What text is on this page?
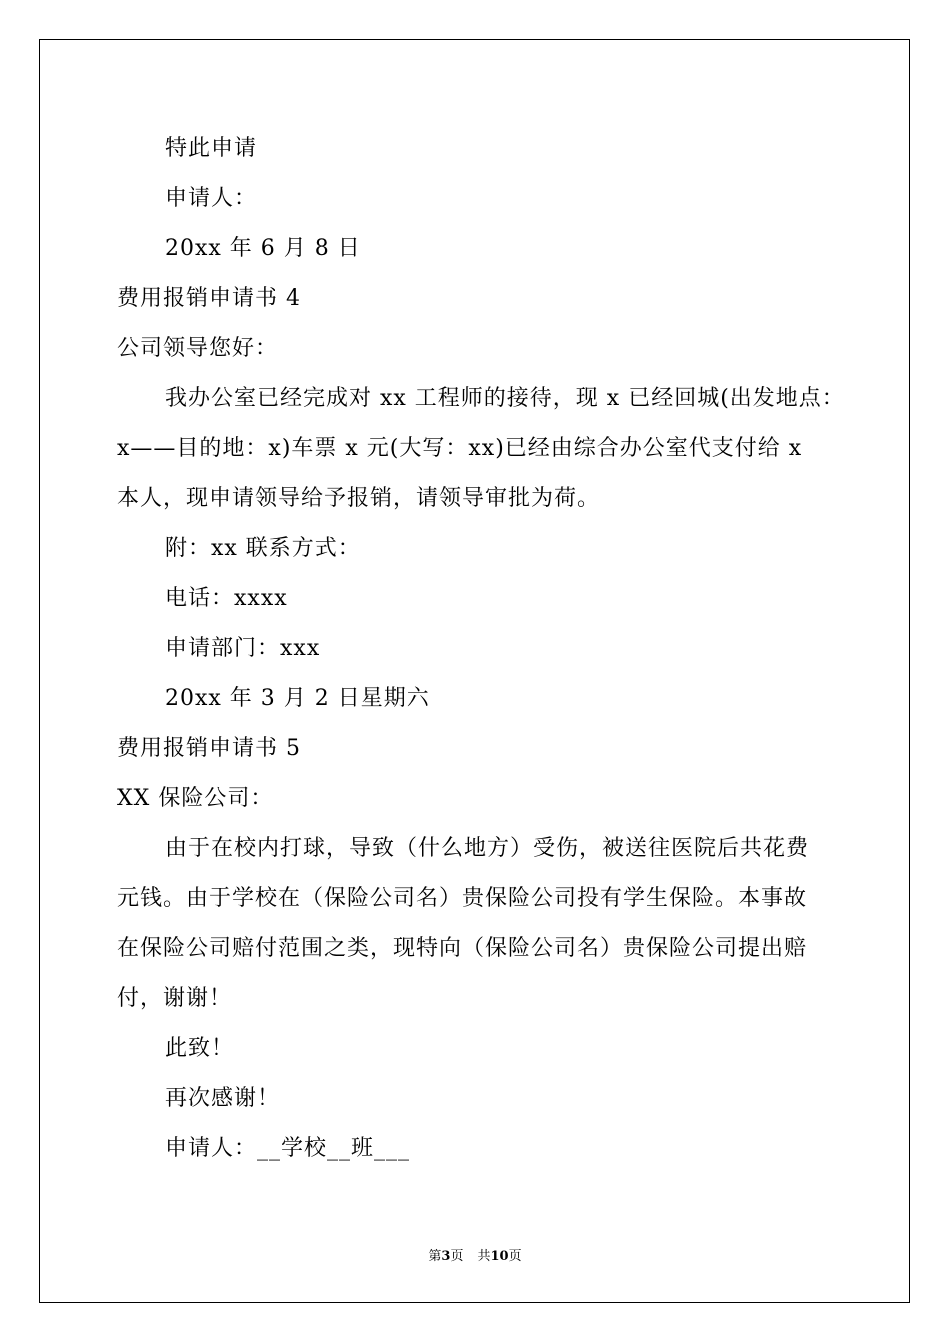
特此申请
申请人：
20xx 年 6 月 8 日
费用报销申请书 4
公司领导您好：
我办公室已经完成对 xx 工程师的接待，现 x 已经回城(出发地点：
x——目的地：x)车票 x 元(大写：xx)已经由综合办公室代支付给 x
本人，现申请领导给予报销，请领导审批为荷。
附：xx 联系方式：
电话：xxxx
申请部门：xxx
20xx 年 3 月 2 日星期六
费用报销申请书 5
XX 保险公司：
由于在校内打球，导致（什么地方）受伤，被送往医院后共花费
元钱。由于学校在（保险公司名）贵保险公司投有学生保险。本事故
在保险公司赔付范围之类，现特向（保险公司名）贵保险公司提出赔
付，谢谢！
此致！
再次感谢！
申请人：__学校__班___
第3页 共10页
